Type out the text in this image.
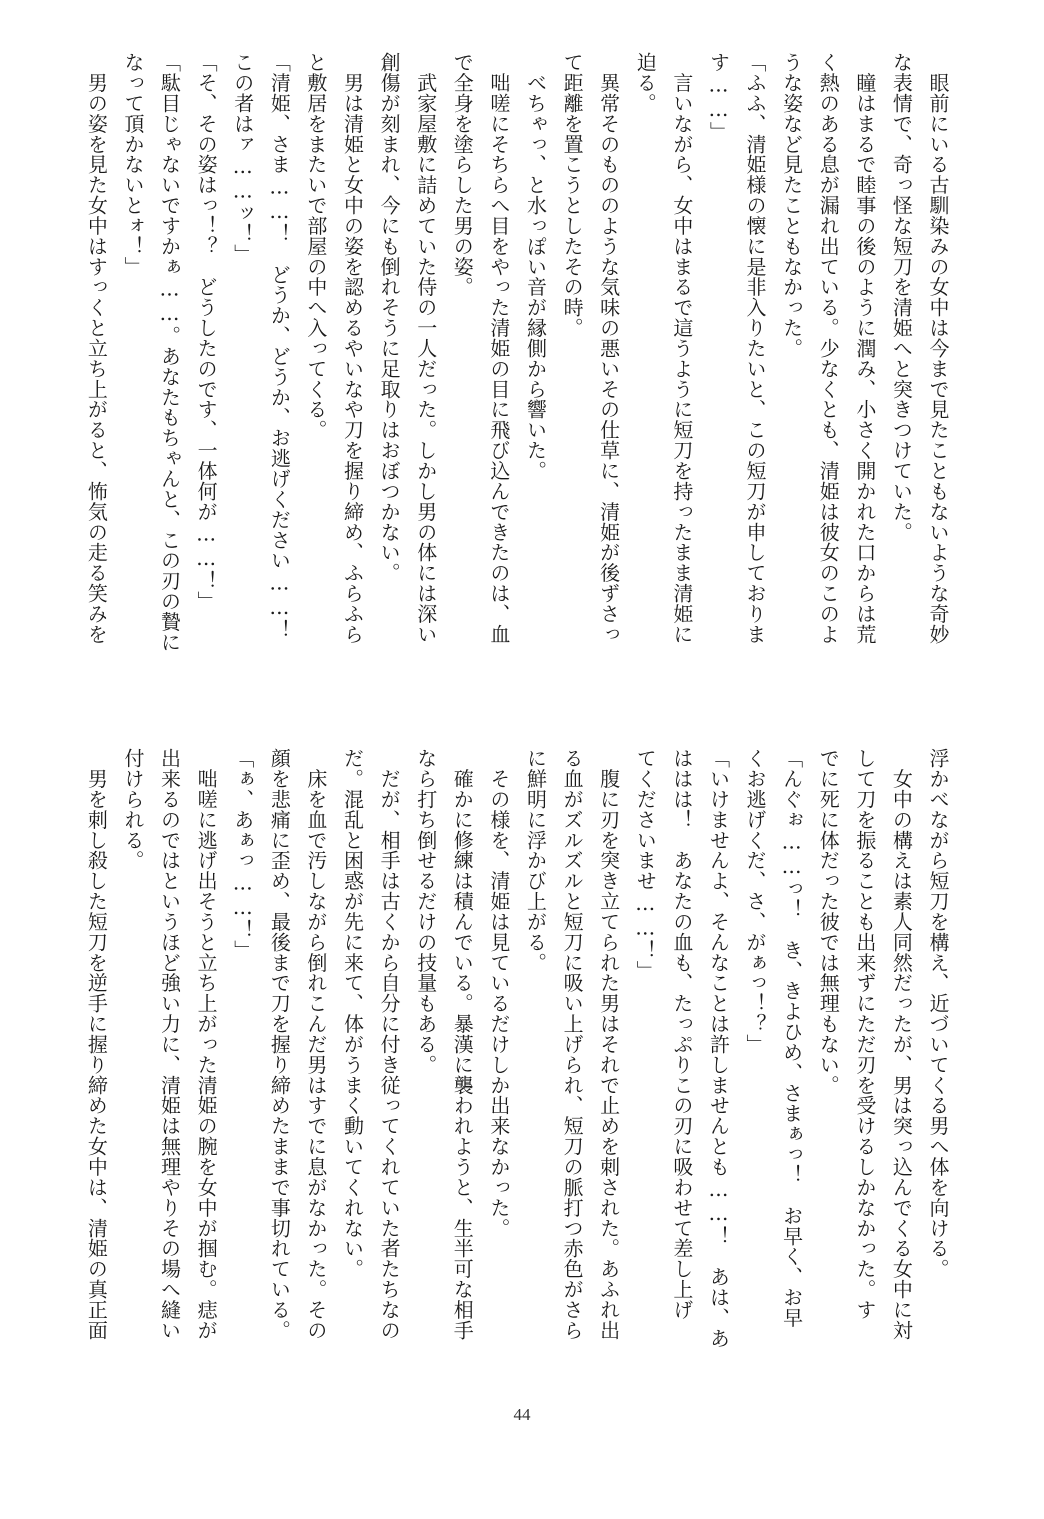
　眼前にいる古馴染みの女中は今まで見たこともないような奇妙
な表情で、奇っ怪な短刀を清姫へと突きつけていた。
　瞳はまるで睦事の後のように潤み、小さく開かれた口からは荒
く熱のある息が漏れ出ている。少なくとも、清姫は彼女のこのよ
うな姿など見たこともなかった。
「ふふ、清姫様の懐に是非入りたいと、この短刀が申しておりま
す……」
　言いながら、女中はまるで這うように短刀を持ったまま清姫に
迫る。
　異常そのもののような気味の悪いその仕草に、清姫が後ずさっ
て距離を置こうとしたその時。
　べちゃっ、と水っぽい音が縁側から響いた。
　咄嗟にそちらへ目をやった清姫の目に飛び込んできたのは、血
で全身を塗らした男の姿。
　武家屋敷に詰めていた侍の一人だった。しかし男の体には深い
創傷が刻まれ、今にも倒れそうに足取りはおぼつかない。
　男は清姫と女中の姿を認めるやいなや刀を握り締め、ふらふら
と敷居をまたいで部屋の中へ入ってくる。
「清姫、さま……！　どうか、どうか、お逃げください……！
この者はァ……ッ！」
「そ、その姿はっ！？　どうしたのです、一体何が……！」
「駄目じゃないですかぁ……。あなたもちゃんと、この刃の贄に
なって頂かないとォ！」
　男の姿を見た女中はすっくと立ち上がると、怖気の走る笑みを
浮かべながら短刀を構え、近づいてくる男へ体を向ける。
　女中の構えは素人同然だったが、男は突っ込んでくる女中に対
して刀を振ることも出来ずにただ刃を受けるしかなかった。す
でに死に体だった彼では無理もない。
「んぐぉ……っ！　き、きよひめ、さまぁっ！　お早く、お早
くお逃げくだ、さ、がぁっ！？」
「いけませんよ、そんなことは許しませんとも……！　あは、あ
ははは！　あなたの血も、たっぷりこの刃に吸わせて差し上げ
てくださいませ……！」
　腹に刃を突き立てられた男はそれで止めを刺された。あふれ出
る血がズルズルと短刀に吸い上げられ、短刀の脈打つ赤色がさら
に鮮明に浮かび上がる。
　その様を、清姫は見ているだけしか出来なかった。
　確かに修練は積んでいる。暴漢に襲われようと、生半可な相手
なら打ち倒せるだけの技量もある。
　だが、相手は古くから自分に付き従ってくれていた者たちなの
だ。混乱と困惑が先に来て、体がうまく動いてくれない。
　床を血で汚しながら倒れこんだ男はすでに息がなかった。その
顔を悲痛に歪め、最後まで刀を握り締めたままで事切れている。
「ぁ、あぁっ……！」
　咄嗟に逃げ出そうと立ち上がった清姫の腕を女中が掴む。痣が
出来るのではというほど強い力に、清姫は無理やりその場へ縫い
付けられる。
　男を刺し殺した短刀を逆手に握り締めた女中は、清姫の真正面
44
